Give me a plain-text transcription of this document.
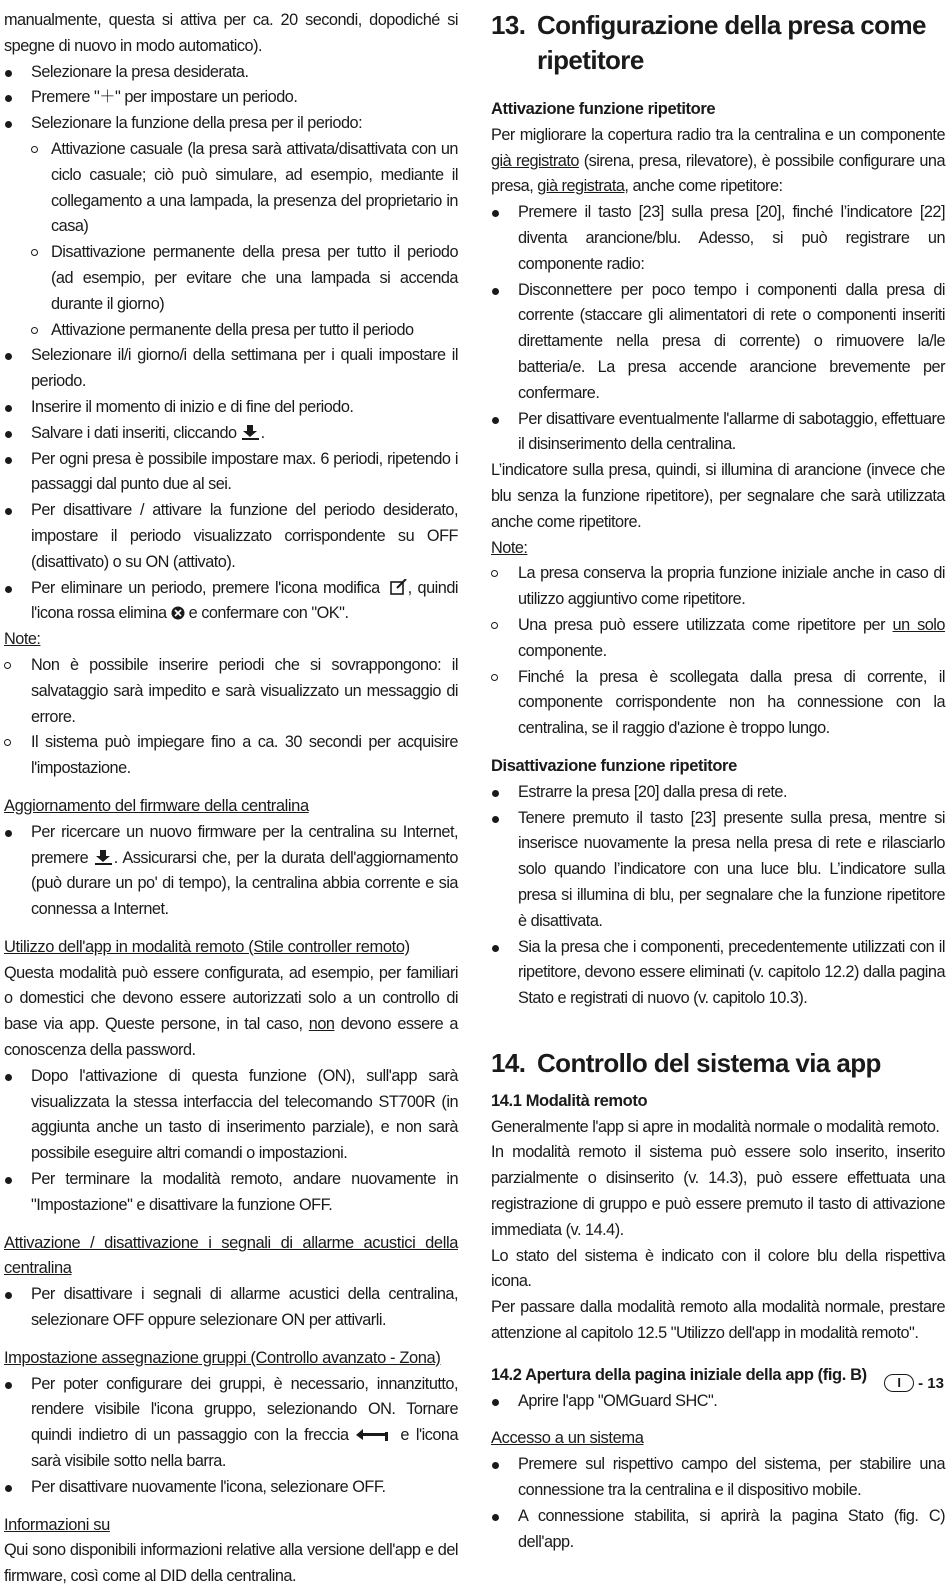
manualmente, questa si attiva per ca. 20 secondi, dopodiché si spegne di nuovo in modo automatico).

Selezionare la presa desiderata.
Premere "＋" per impostare un periodo.
Selezionare la funzione della presa per il periodo:
Attivazione casuale (la presa sarà attivata/disattivata con un ciclo casuale; ciò può simulare, ad esempio, mediante il collegamento a una lampada, la presenza del proprietario in casa)
Disattivazione permanente della presa per tutto il periodo (ad esempio, per evitare che una lampada si accenda durante il giorno)
Attivazione permanente della presa per tutto il periodo
Selezionare il/i giorno/i della settimana per i quali impostare il periodo.
Inserire il momento di inizio e di fine del periodo.
Salvare i dati inseriti, cliccando .
Per ogni presa è possibile impostare max. 6 periodi, ripetendo i passaggi dal punto due al sei.
Per disattivare / attivare la funzione del periodo desiderato, impostare il periodo visualizzato corrispondente su OFF (disattivato) o su ON (attivato).
Per eliminare un periodo, premere l'icona modifica , quindi l'icona rossa elimina  e confermare con "OK".

Note:

Non è possibile inserire periodi che si sovrappongono: il salvataggio sarà impedito e sarà visualizzato un messaggio di errore.
Il sistema può impiegare fino a ca. 30 secondi per acquisire l'impostazione.

Aggiornamento del firmware della centralina

Per ricercare un nuovo firmware per la centralina su Internet, premere . Assicurarsi che, per la durata dell'aggiornamento (può durare un po' di tempo), la centralina abbia corrente e sia connessa a Internet.

Utilizzo dell'app in modalità remoto (Stile controller remoto)

Questa modalità può essere configurata, ad esempio, per familiari o domestici che devono essere autorizzati solo a un controllo di base via app. Queste persone, in tal caso, non devono essere a conoscenza della password.

Dopo l'attivazione di questa funzione (ON), sull'app sarà visualizzata la stessa interfaccia del telecomando ST700R (in aggiunta anche un tasto di inserimento parziale), e non sarà possibile eseguire altri comandi o impostazioni.
Per terminare la modalità remoto, andare nuovamente in "Impostazione" e disattivare la funzione OFF.

Attivazione / disattivazione i segnali di allarme acustici della centralina

Per disattivare i segnali di allarme acustici della centralina, selezionare OFF oppure selezionare ON per attivarli.

Impostazione assegnazione gruppi (Controllo avanzato - Zona)

Per poter configurare dei gruppi, è necessario, innanzitutto, rendere visibile l'icona gruppo, selezionando ON. Tornare quindi indietro di un passaggio con la freccia  e l'icona sarà visibile sotto nella barra.
Per disattivare nuovamente l'icona, selezionare OFF.

Informazioni su

Qui sono disponibili informazioni relative alla versione dell'app e del firmware, così come al DID della centralina.

13. Configurazione della presa come
ripetitore

Attivazione funzione ripetitore

Per migliorare la copertura radio tra la centralina e un componente già registrato (sirena, presa, rilevatore), è possibile configurare una presa, già registrata, anche come ripetitore:

Premere il tasto [23] sulla presa [20], finché l’indicatore [22] diventa arancione/blu. Adesso, si può registrare un componente radio:
Disconnettere per poco tempo i componenti dalla presa di corrente (staccare gli alimentatori di rete o componenti inseriti direttamente nella presa di corrente) o rimuovere la/le batteria/e. La presa accende arancione brevemente per confermare.
Per disattivare eventualmente l'allarme di sabotaggio, effettuare il disinserimento della centralina.

L’indicatore sulla presa, quindi, si illumina di arancione (invece che blu senza la funzione ripetitore), per segnalare che sarà utilizzata anche come ripetitore.

Note:

La presa conserva la propria funzione iniziale anche in caso di utilizzo aggiuntivo come ripetitore.
Una presa può essere utilizzata come ripetitore per un solo componente.
Finché la presa è scollegata dalla presa di corrente, il componente corrispondente non ha connessione con la centralina, se il raggio d'azione è troppo lungo.

Disattivazione funzione ripetitore

Estrarre la presa [20] dalla presa di rete.
Tenere premuto il tasto [23] presente sulla presa, mentre si inserisce nuovamente la presa nella presa di rete e rilasciarlo solo quando l’indicatore con una luce blu. L’indicatore sulla presa si illumina di blu, per segnalare che la funzione ripetitore è disattivata.
Sia la presa che i componenti, precedentemente utilizzati con il ripetitore, devono essere eliminati (v. capitolo 12.2) dalla pagina Stato e registrati di nuovo (v. capitolo 10.3).
14. Controllo del sistema via app

14.1 Modalità remoto

Generalmente l'app si apre in modalità normale o modalità remoto.

In modalità remoto il sistema può essere solo inserito, inserito parzialmente o disinserito (v. 14.3), può essere effettuata una registrazione di gruppo e può essere premuto il tasto di attivazione immediata (v. 14.4).

Lo stato del sistema è indicato con il colore blu della rispettiva icona.

Per passare dalla modalità remoto alla modalità normale, prestare attenzione al capitolo 12.5 "Utilizzo dell'app in modalità remoto".

14.2 Apertura della pagina iniziale della app (fig. B)

Aprire l'app "OMGuard SHC".

Accesso a un sistema

Premere sul rispettivo campo del sistema, per stabilire una connessione tra la centralina e il dispositivo mobile.
A connessione stabilita, si aprirà la pagina Stato (fig. C) dell'app.
I	- 13
